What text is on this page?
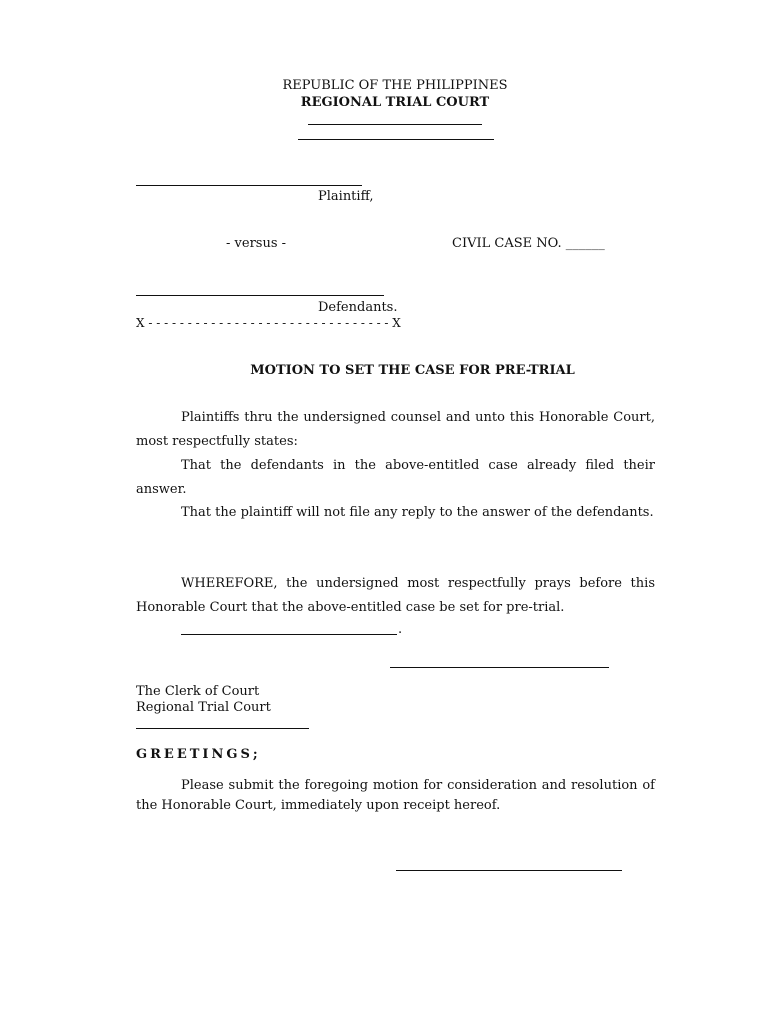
REPUBLIC OF THE PHILIPPINES
REGIONAL TRIAL COURT
Plaintiff,
- versus -	CIVIL CASE NO. ______
Defendants.
X - - - - - - - - - - - - - - - - - - - - - - - - - - - - - - - X
MOTION TO SET THE CASE FOR PRE-TRIAL
Plaintiffs thru the undersigned counsel and unto this Honorable Court, most respectfully states:
That the defendants in the above-entitled case already filed their answer.
That the plaintiff will not file any reply to the answer of the defendants.
WHEREFORE, the undersigned most respectfully prays before this Honorable Court that the above-entitled case be set for pre-trial.
.
The Clerk of Court
Regional Trial Court
GREETINGS;
Please submit the foregoing motion for consideration and resolution of the Honorable Court, immediately upon receipt hereof.
